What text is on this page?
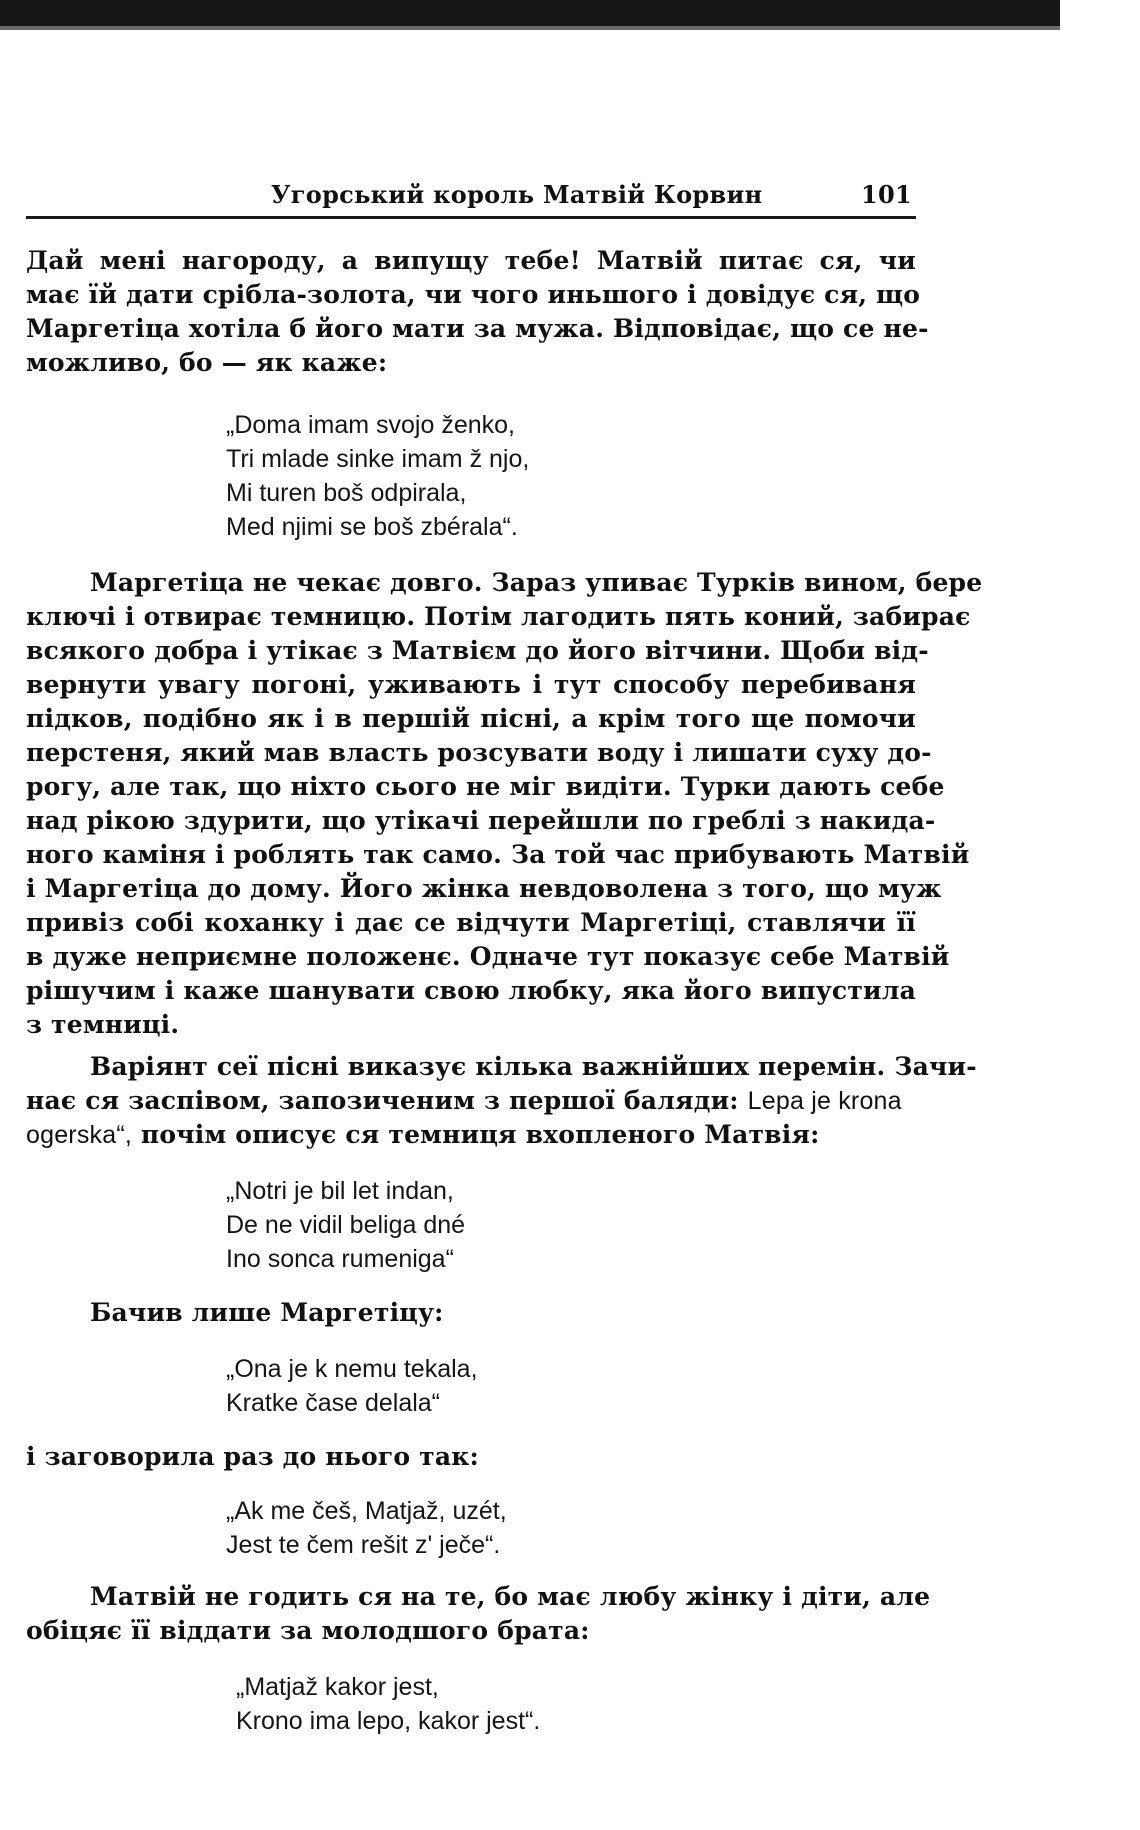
Угорський король Матвій Корвин	101
Дай мені нагороду, а випущу тебе! Матвій питає ся, чи
має їй дати срібла-золота, чи чого иньшого і довідує ся, що
Маргетіца хотіла б його мати за мужа. Відповідає, що се не-
можливо, бо — як каже:
„Doma imam svojo ženko,
Tri mlade sinke imam ž njo,
Mi turen boš odpirala,
Med njimi se boš zbérala“.
Маргетіца не чекає довго. Зараз упиває Турків вином, бере
ключі і отвирає темницю. Потім лагодить пять коний, забирає
всякого добра і утікає з Матвієм до його вітчини. Щоби від-
вернути увагу погоні, уживають і тут способу перебиваня
підков, подібно як і в першій пісні, а крім того ще помочи
перстеня, який мав власть розсувати воду і лишати суху до-
рогу, але так, що ніхто сього не міг видіти. Турки дають себе
над рікою здурити, що утікачі перейшли по греблі з накида-
ного каміня і роблять так само. За той час прибувають Матвій
і Маргетіца до дому. Його жінка невдоволена з того, що муж
привіз собі коханку і дає се відчути Маргетіці, ставлячи її
в дуже неприємне положенє. Одначе тут показує себе Матвій
рішучим і каже шанувати свою любку, яка його випустила
з темниці.
Варіянт сеї пісні виказує кілька важнійших перемін. Зачи-
нає ся заспівом, запозиченим з першої баляди: Lepa je krona
ogerska“, почім описує ся темниця вхопленого Матвія:
„Notri je bil let indan,
De ne vidil beliga dné
Ino sonca rumeniga“
Бачив лише Маргетіцу:
„Ona je k nemu tekala,
Kratke čase delala“
і заговорила раз до нього так:
„Ak me češ, Matjaž, uzét,
Jest te čem rešit z' ječe“.
Матвій не годить ся на те, бо має любу жінку і діти, але
обіцяє її віддати за молодшого брата:
„Matjaž kakor jest,
Krono ima lepo, kakor jest“.
